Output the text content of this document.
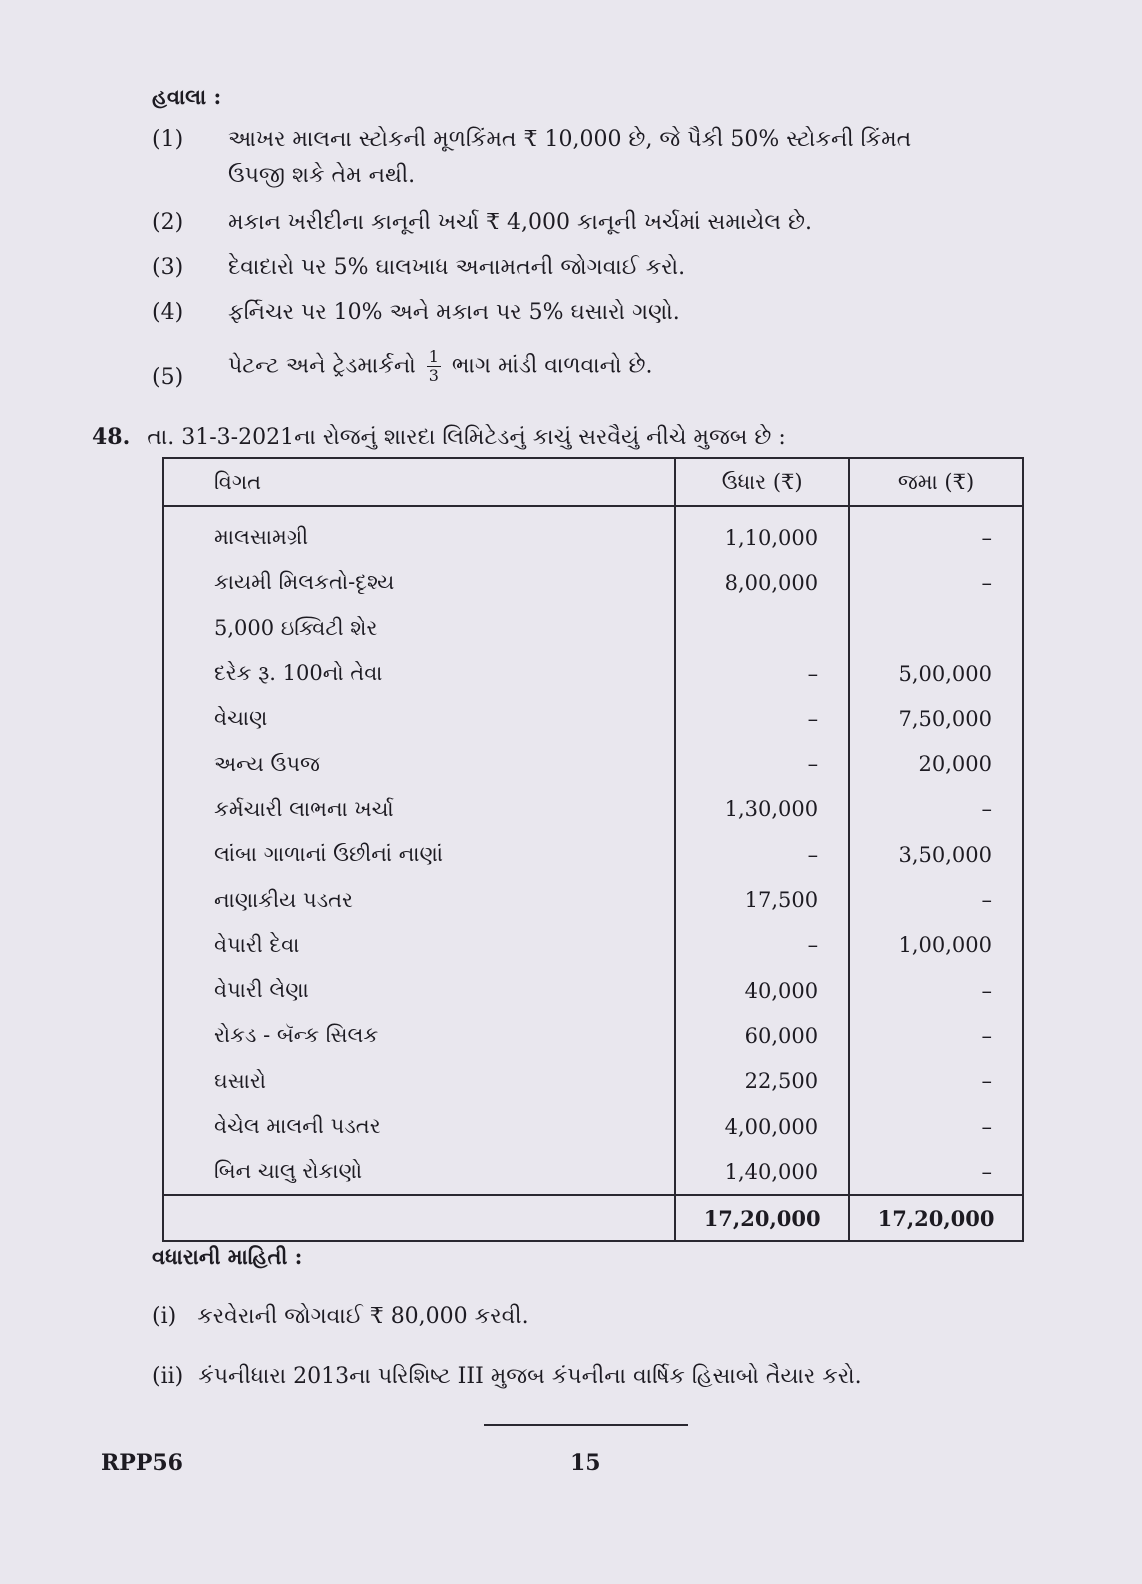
હવાલા :
(1) આખર માલના સ્ટોકની મૂળકિંમત ₹ 10,000 છે, જે પૈકી 50% સ્ટોકની કિંમત
ઉપજી શકે તેમ નથી.
(2) મકાન ખરીદીના કાનૂની ખર્ચા ₹ 4,000 કાનૂની ખર્ચમાં સમાયેલ છે.
(3) દેવાદારો પર 5% ઘાલખાધ અનામતની જોગવાઈ કરો.
(4) ફર્નિચર પર 10% અને મકાન પર 5% ઘસારો ગણો.
(5) પેટન્ટ અને ટ્રેડમાર્કનો $\frac{1}{3}$ ભાગ માંડી વાળવાનો છે.
48. તા. 31-3-2021ના રોજનું શારદા લિમિટેડનું કાચું સરવૈયું નીચે મુજબ છે :
વિગત	ઉધાર (₹)	જમા (₹)
માલસામગ્રી	1,10,000	–
કાયમી મિલકતો-દૃશ્ય	8,00,000	–
5,000 ઇક્વિટી શેર		
દરેક રૂ. 100નો તેવા	–	5,00,000
વેચાણ	–	7,50,000
અન્ય ઉપજ	–	20,000
કર્મચારી લાભના ખર્ચા	1,30,000	–
લાંબા ગાળાનાં ઉછીનાં નાણાં	–	3,50,000
નાણાકીય પડતર	17,500	–
વેપારી દેવા	–	1,00,000
વેપારી લેણા	40,000	–
રોકડ - બૅન્ક સિલક	60,000	–
ઘસારો	22,500	–
વેચેલ માલની પડતર	4,00,000	–
બિન ચાલુ રોકાણો	1,40,000	–
	17,20,000	17,20,000
વધારાની માહિતી :
(i) કરવેરાની જોગવાઈ ₹ 80,000 કરવી.
(ii) કંપનીધારા 2013ના પરિશિષ્ટ III મુજબ કંપનીના વાર્ષિક હિસાબો તૈયાર કરો.
RPP56	15
